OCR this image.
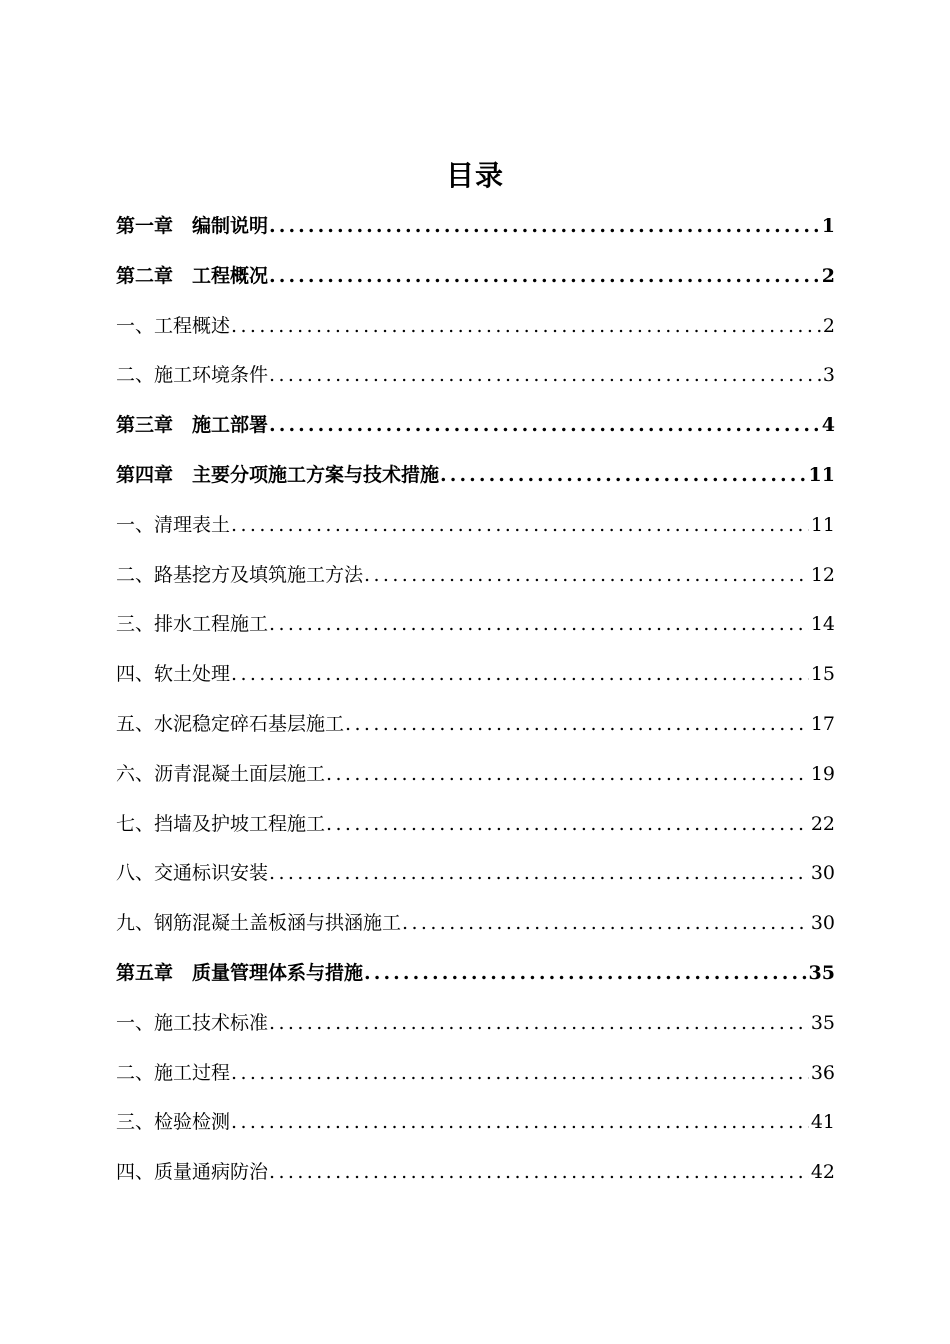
目录
第一章　编制说明 .....	1
第二章　工程概况 .....	2
一、工程概述 .....	2
二、施工环境条件 .....	3
第三章　施工部署 .....	4
第四章　主要分项施工方案与技术措施 .....	11
一、清理表土 .....	11
二、路基挖方及填筑施工方法 .....	12
三、排水工程施工 .....	14
四、软土处理 .....	15
五、水泥稳定碎石基层施工 .....	17
六、沥青混凝土面层施工 .....	19
七、挡墙及护坡工程施工 .....	22
八、交通标识安装 .....	30
九、钢筋混凝土盖板涵与拱涵施工 .....	30
第五章　质量管理体系与措施 .....	35
一、施工技术标准 .....	35
二、施工过程 .....	36
三、检验检测 .....	41
四、质量通病防治 .....	42
